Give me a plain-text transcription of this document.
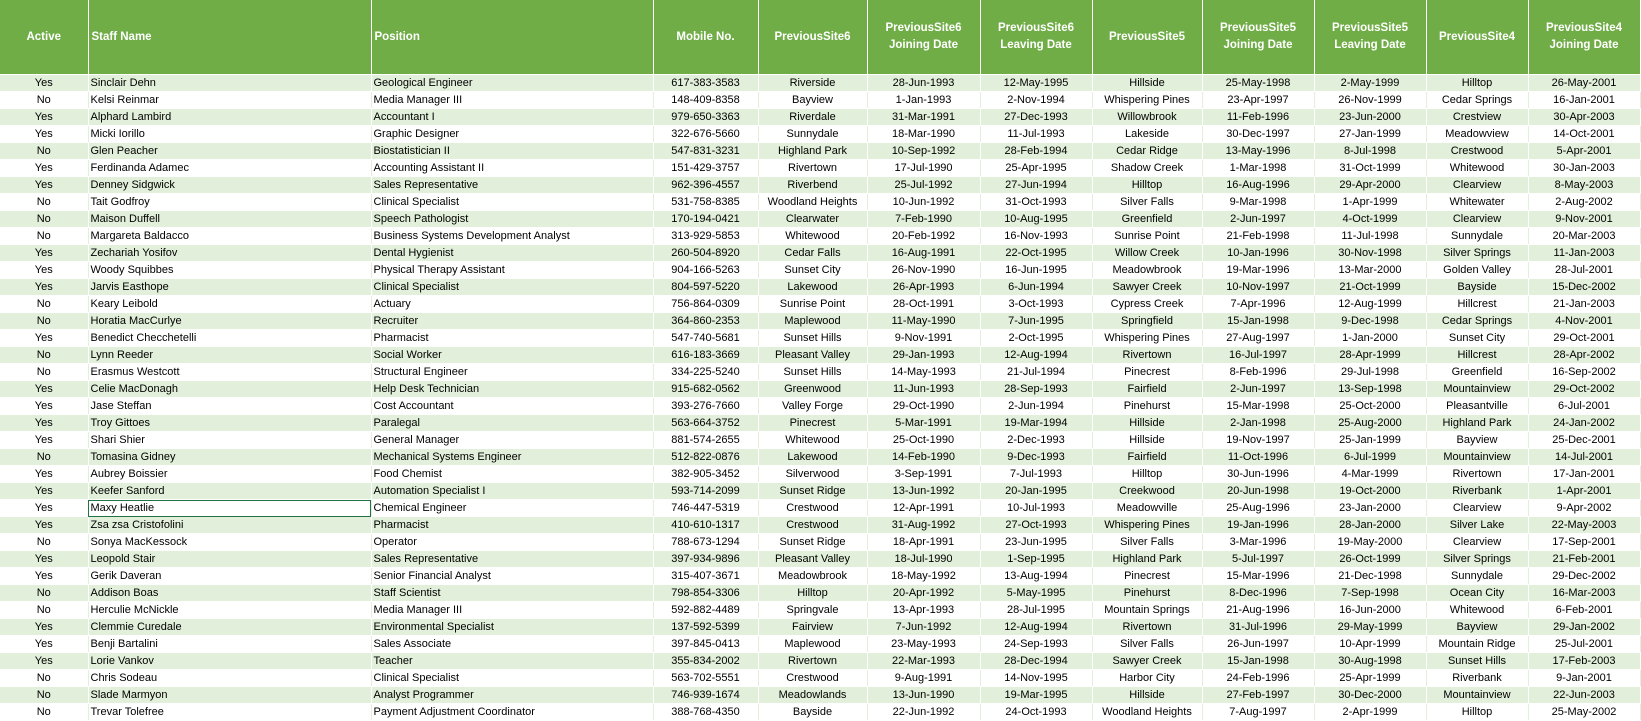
Active	Staff Name	Position	Mobile No.	PreviousSite6	PreviousSite6 Joining Date	PreviousSite6 Leaving Date	PreviousSite5	PreviousSite5 Joining Date	PreviousSite5 Leaving Date	PreviousSite4	PreviousSite4 Joining Date
Yes	Sinclair Dehn	Geological Engineer	617-383-3583	Riverside	28-Jun-1993	12-May-1995	Hillside	25-May-1998	2-May-1999	Hilltop	26-May-2001
No	Kelsi Reinmar	Media Manager III	148-409-8358	Bayview	1-Jan-1993	2-Nov-1994	Whispering Pines	23-Apr-1997	26-Nov-1999	Cedar Springs	16-Jan-2001
Yes	Alphard Lambird	Accountant I	979-650-3363	Riverdale	31-Mar-1991	27-Dec-1993	Willowbrook	11-Feb-1996	23-Jun-2000	Crestview	30-Apr-2003
Yes	Micki Iorillo	Graphic Designer	322-676-5660	Sunnydale	18-Mar-1990	11-Jul-1993	Lakeside	30-Dec-1997	27-Jan-1999	Meadowview	14-Oct-2001
No	Glen Peacher	Biostatistician II	547-831-3231	Highland Park	10-Sep-1992	28-Feb-1994	Cedar Ridge	13-May-1996	8-Jul-1998	Crestwood	5-Apr-2001
Yes	Ferdinanda Adamec	Accounting Assistant II	151-429-3757	Rivertown	17-Jul-1990	25-Apr-1995	Shadow Creek	1-Mar-1998	31-Oct-1999	Whitewood	30-Jan-2003
Yes	Denney Sidgwick	Sales Representative	962-396-4557	Riverbend	25-Jul-1992	27-Jun-1994	Hilltop	16-Aug-1996	29-Apr-2000	Clearview	8-May-2003
No	Tait Godfroy	Clinical Specialist	531-758-8385	Woodland Heights	10-Jun-1992	31-Oct-1993	Silver Falls	9-Mar-1998	1-Apr-1999	Whitewater	2-Aug-2002
No	Maison Duffell	Speech Pathologist	170-194-0421	Clearwater	7-Feb-1990	10-Aug-1995	Greenfield	2-Jun-1997	4-Oct-1999	Clearview	9-Nov-2001
No	Margareta Baldacco	Business Systems Development Analyst	313-929-5853	Whitewood	20-Feb-1992	16-Nov-1993	Sunrise Point	21-Feb-1998	11-Jul-1998	Sunnydale	20-Mar-2003
Yes	Zechariah Yosifov	Dental Hygienist	260-504-8920	Cedar Falls	16-Aug-1991	22-Oct-1995	Willow Creek	10-Jan-1996	30-Nov-1998	Silver Springs	11-Jan-2003
Yes	Woody Squibbes	Physical Therapy Assistant	904-166-5263	Sunset City	26-Nov-1990	16-Jun-1995	Meadowbrook	19-Mar-1996	13-Mar-2000	Golden Valley	28-Jul-2001
Yes	Jarvis Easthope	Clinical Specialist	804-597-5220	Lakewood	26-Apr-1993	6-Jun-1994	Sawyer Creek	10-Nov-1997	21-Oct-1999	Bayside	15-Dec-2002
No	Keary Leibold	Actuary	756-864-0309	Sunrise Point	28-Oct-1991	3-Oct-1993	Cypress Creek	7-Apr-1996	12-Aug-1999	Hillcrest	21-Jan-2003
No	Horatia MacCurlye	Recruiter	364-860-2353	Maplewood	11-May-1990	7-Jun-1995	Springfield	15-Jan-1998	9-Dec-1998	Cedar Springs	4-Nov-2001
Yes	Benedict Checchetelli	Pharmacist	547-740-5681	Sunset Hills	9-Nov-1991	2-Oct-1995	Whispering Pines	27-Aug-1997	1-Jan-2000	Sunset City	29-Oct-2001
No	Lynn Reeder	Social Worker	616-183-3669	Pleasant Valley	29-Jan-1993	12-Aug-1994	Rivertown	16-Jul-1997	28-Apr-1999	Hillcrest	28-Apr-2002
No	Erasmus Westcott	Structural Engineer	334-225-5240	Sunset Hills	14-May-1993	21-Jul-1994	Pinecrest	8-Feb-1996	29-Jul-1998	Greenfield	16-Sep-2002
Yes	Celie MacDonagh	Help Desk Technician	915-682-0562	Greenwood	11-Jun-1993	28-Sep-1993	Fairfield	2-Jun-1997	13-Sep-1998	Mountainview	29-Oct-2002
Yes	Jase Steffan	Cost Accountant	393-276-7660	Valley Forge	29-Oct-1990	2-Jun-1994	Pinehurst	15-Mar-1998	25-Oct-2000	Pleasantville	6-Jul-2001
Yes	Troy Gittoes	Paralegal	563-664-3752	Pinecrest	5-Mar-1991	19-Mar-1994	Hillside	2-Jan-1998	25-Aug-2000	Highland Park	24-Jan-2002
Yes	Shari Shier	General Manager	881-574-2655	Whitewood	25-Oct-1990	2-Dec-1993	Hillside	19-Nov-1997	25-Jan-1999	Bayview	25-Dec-2001
No	Tomasina Gidney	Mechanical Systems Engineer	512-822-0876	Lakewood	14-Feb-1990	9-Dec-1993	Fairfield	11-Oct-1996	6-Jul-1999	Mountainview	14-Jul-2001
Yes	Aubrey Boissier	Food Chemist	382-905-3452	Silverwood	3-Sep-1991	7-Jul-1993	Hilltop	30-Jun-1996	4-Mar-1999	Rivertown	17-Jan-2001
Yes	Keefer Sanford	Automation Specialist I	593-714-2099	Sunset Ridge	13-Jun-1992	20-Jan-1995	Creekwood	20-Jun-1998	19-Oct-2000	Riverbank	1-Apr-2001
Yes	Maxy Heatlie	Chemical Engineer	746-447-5319	Crestwood	12-Apr-1991	10-Jul-1993	Meadowville	25-Aug-1996	23-Jan-2000	Clearview	9-Apr-2002
Yes	Zsa zsa Cristofolini	Pharmacist	410-610-1317	Crestwood	31-Aug-1992	27-Oct-1993	Whispering Pines	19-Jan-1996	28-Jan-2000	Silver Lake	22-May-2003
No	Sonya MacKessock	Operator	788-673-1294	Sunset Ridge	18-Apr-1991	23-Jun-1995	Silver Falls	3-Mar-1996	19-May-2000	Clearview	17-Sep-2001
Yes	Leopold Stair	Sales Representative	397-934-9896	Pleasant Valley	18-Jul-1990	1-Sep-1995	Highland Park	5-Jul-1997	26-Oct-1999	Silver Springs	21-Feb-2001
Yes	Gerik Daveran	Senior Financial Analyst	315-407-3671	Meadowbrook	18-May-1992	13-Aug-1994	Pinecrest	15-Mar-1996	21-Dec-1998	Sunnydale	29-Dec-2002
No	Addison Boas	Staff Scientist	798-854-3306	Hilltop	20-Apr-1992	5-May-1995	Pinehurst	8-Dec-1996	7-Sep-1998	Ocean City	16-Mar-2003
No	Herculie McNickle	Media Manager III	592-882-4489	Springvale	13-Apr-1993	28-Jul-1995	Mountain Springs	21-Aug-1996	16-Jun-2000	Whitewood	6-Feb-2001
Yes	Clemmie Curedale	Environmental Specialist	137-592-5399	Fairview	7-Jun-1992	12-Aug-1994	Rivertown	31-Jul-1996	29-May-1999	Bayview	29-Jan-2002
Yes	Benji Bartalini	Sales Associate	397-845-0413	Maplewood	23-May-1993	24-Sep-1993	Silver Falls	26-Jun-1997	10-Apr-1999	Mountain Ridge	25-Jul-2001
Yes	Lorie Vankov	Teacher	355-834-2002	Rivertown	22-Mar-1993	28-Dec-1994	Sawyer Creek	15-Jan-1998	30-Aug-1998	Sunset Hills	17-Feb-2003
No	Chris Sodeau	Clinical Specialist	563-702-5551	Crestwood	9-Aug-1991	14-Nov-1995	Harbor City	24-Feb-1996	25-Apr-1999	Riverbank	9-Jan-2001
No	Slade Marmyon	Analyst Programmer	746-939-1674	Meadowlands	13-Jun-1990	19-Mar-1995	Hillside	27-Feb-1997	30-Dec-2000	Mountainview	22-Jun-2003
No	Trevar Tolefree	Payment Adjustment Coordinator	388-768-4350	Bayside	22-Jun-1992	24-Oct-1993	Woodland Heights	7-Aug-1997	2-Apr-1999	Hilltop	25-May-2002
